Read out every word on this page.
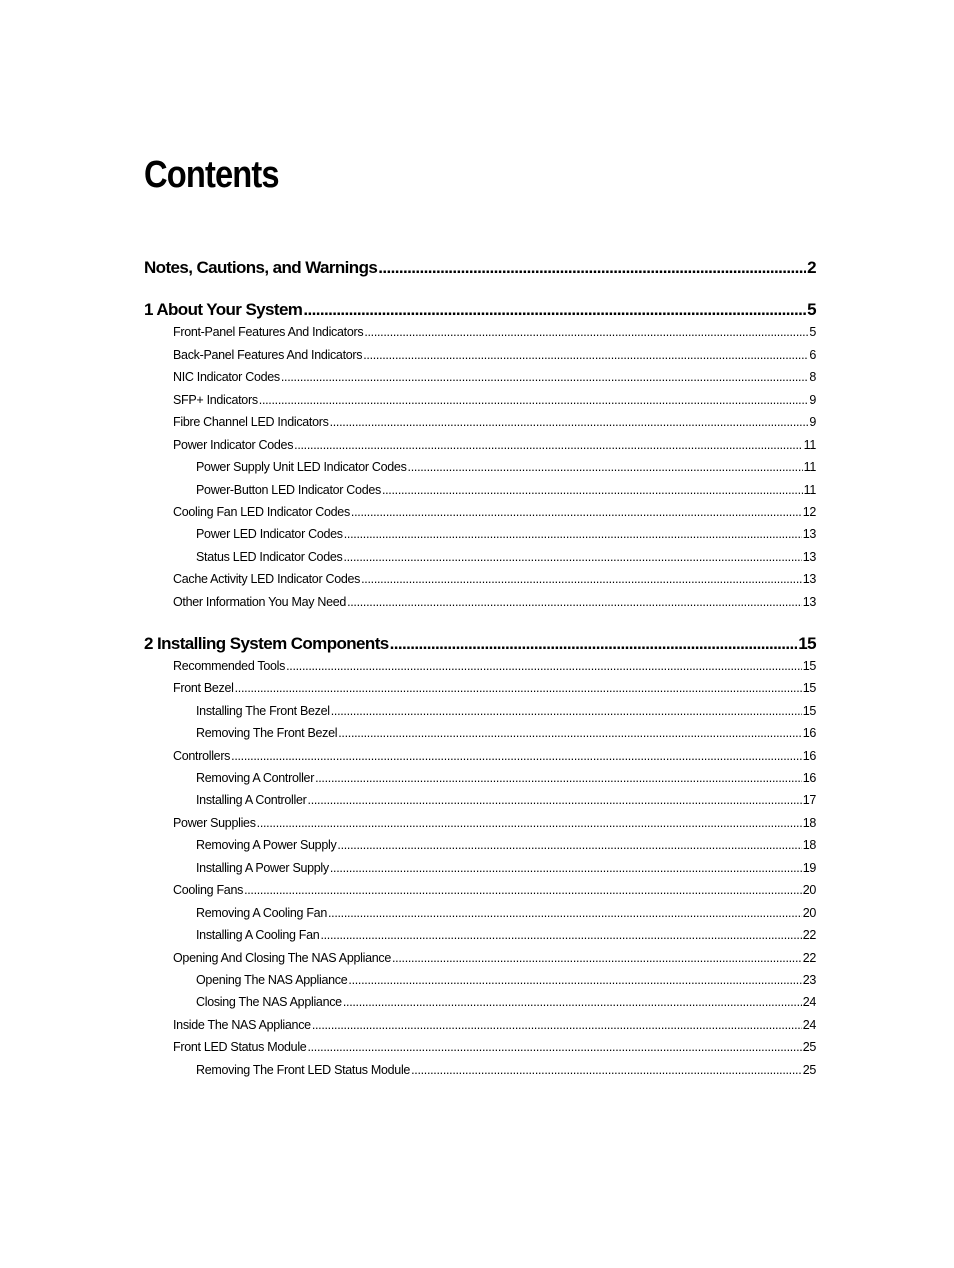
Contents
Notes, Cautions, and Warnings .....	2
1 About Your System .....	5
Front-Panel Features And Indicators .....	5
Back-Panel Features And Indicators .....	6
NIC Indicator Codes .....	8
SFP+ Indicators .....	9
Fibre Channel LED Indicators .....	9
Power Indicator Codes .....	11
Power Supply Unit LED Indicator Codes .....	11
Power-Button LED Indicator Codes .....	11
Cooling Fan LED Indicator Codes .....	12
Power LED Indicator Codes .....	13
Status LED Indicator Codes .....	13
Cache Activity LED Indicator Codes .....	13
Other Information You May Need .....	13
2 Installing System Components .....	15
Recommended Tools .....	15
Front Bezel .....	15
Installing The Front Bezel .....	15
Removing The Front Bezel .....	16
Controllers .....	16
Removing A Controller .....	16
Installing A Controller .....	17
Power Supplies .....	18
Removing A Power Supply .....	18
Installing A Power Supply .....	19
Cooling Fans .....	20
Removing A Cooling Fan .....	20
Installing A Cooling Fan .....	22
Opening And Closing The NAS Appliance .....	22
Opening The NAS Appliance .....	23
Closing The NAS Appliance .....	24
Inside The NAS Appliance .....	24
Front LED Status Module .....	25
Removing The Front LED Status Module .....	25
